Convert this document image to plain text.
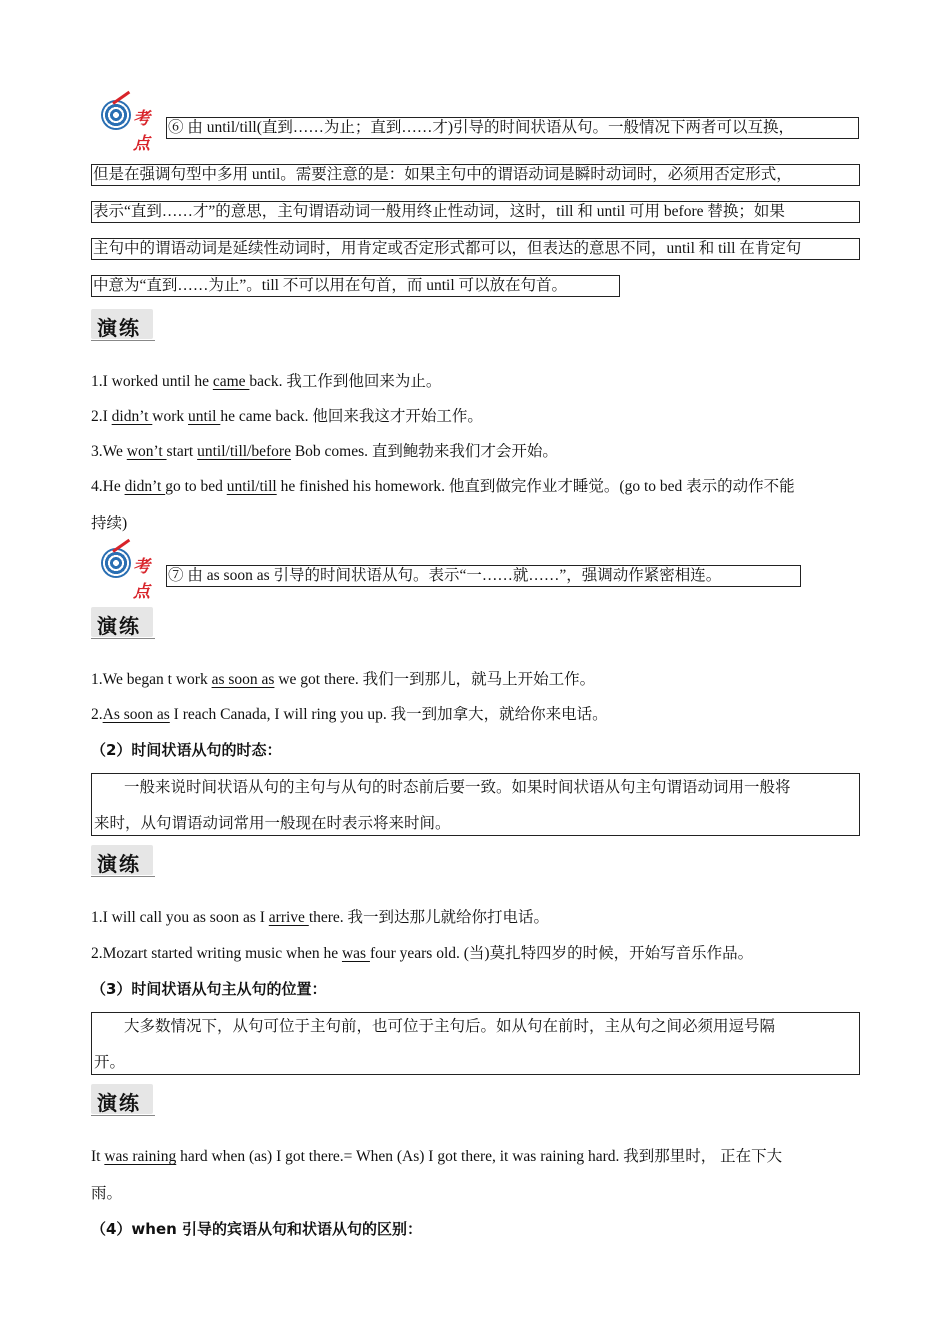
考点
⑥ 由 until/till(直到……为止；直到……才)引导的时间状语从句。一般情况下两者可以互换，
但是在强调句型中多用 until。需要注意的是：如果主句中的谓语动词是瞬时动词时，必须用否定形式，
表示“直到……才”的意思，主句谓语动词一般用终止性动词，这时，till 和 until 可用 before 替换；如果
主句中的谓语动词是延续性动词时，用肯定或否定形式都可以，但表达的意思不同，until 和 till 在肯定句
中意为“直到……为止”。till 不可以用在句首，而 until 可以放在句首。
演练
1.I worked until he came back. 我工作到他回来为止。
2.I didn’t work until he came back. 他回来我这才开始工作。
3.We won’t start until/till/before Bob comes. 直到鲍勃来我们才会开始。
4.He didn’t go to bed until/till he finished his homework. 他直到做完作业才睡觉。(go to bed 表示的动作不能
持续)
考点
⑦ 由 as soon as 引导的时间状语从句。表示“一……就……”，强调动作紧密相连。
演练
1.We began t work as soon as we got there. 我们一到那儿，就马上开始工作。
2.As soon as I reach Canada, I will ring you up. 我一到加拿大，就给你来电话。
（2）时间状语从句的时态：
一般来说时间状语从句的主句与从句的时态前后要一致。如果时间状语从句主句谓语动词用一般将
来时，从句谓语动词常用一般现在时表示将来时间。
演练
1.I will call you as soon as I arrive there. 我一到达那儿就给你打电话。
2.Mozart started writing music when he was four years old. (当)莫扎特四岁的时候，开始写音乐作品。
（3）时间状语从句主从句的位置：
大多数情况下，从句可位于主句前，也可位于主句后。如从句在前时，主从句之间必须用逗号隔
开。
演练
It was raining hard when (as) I got there.= When (As) I got there, it was raining hard. 我到那里时， 正在下大
雨。
（4）when 引导的宾语从句和状语从句的区别：
